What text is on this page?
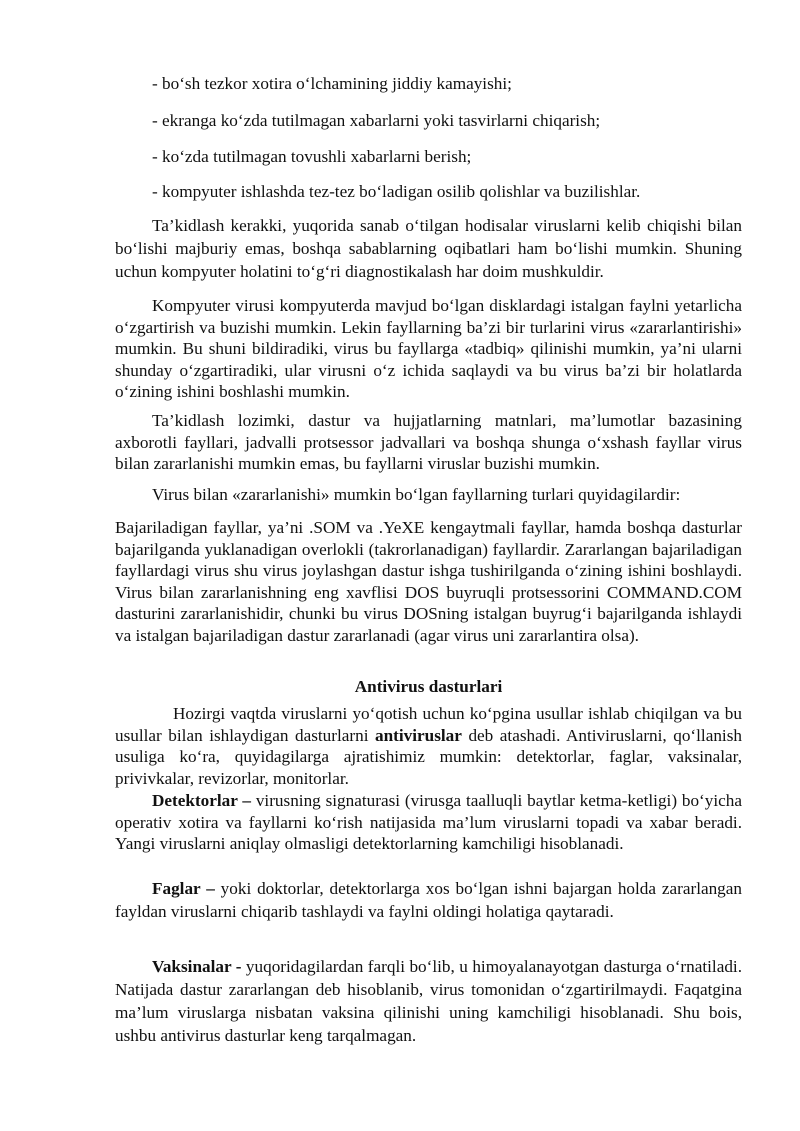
- bo‘sh tezkor xotira o‘lchamining jiddiy kamayishi;
- ekranga ko‘zda tutilmagan xabarlarni yoki tasvirlarni chiqarish;
- ko‘zda tutilmagan tovushli xabarlarni berish;
- kompyuter ishlashda tez-tez bo‘ladigan osilib qolishlar va buzilishlar.

Ta’kidlash kerakki, yuqorida sanab o‘tilgan hodisalar viruslarni kelib chiqishi bilan bo‘lishi majburiy emas, boshqa sabablarning oqibatlari ham bo‘lishi mumkin. Shuning uchun kompyuter holatini to‘g‘ri diagnostikalash har doim mushkuldir.

Kompyuter virusi kompyuterda mavjud bo‘lgan disklardagi istalgan faylni yetarlicha o‘zgartirish va buzishi mumkin. Lekin fayllarning ba’zi bir turlarini virus «zararlantirishi» mumkin. Bu shuni bildiradiki, virus bu fayllarga «tadbiq» qilinishi mumkin, ya’ni ularni shunday o‘zgartiradiki, ular virusni o‘z ichida saqlaydi va bu virus ba’zi bir holatlarda o‘zining ishini boshlashi mumkin.

Ta’kidlash lozimki, dastur va hujjatlarning matnlari, ma’lumotlar bazasining axborotli fayllari, jadvalli protsessor jadvallari va boshqa shunga o‘xshash fayllar virus bilan zararlanishi mumkin emas, bu fayllarni viruslar buzishi mumkin.

Virus bilan «zararlanishi» mumkin bo‘lgan fayllarning turlari quyidagilardir:

Bajariladigan fayllar, ya’ni .SOM va .YeXE kengaytmali fayllar, hamda boshqa dasturlar bajarilganda yuklanadigan overlokli (takrorlanadigan) fayllardir. Zararlangan bajariladigan fayllardagi virus shu virus joylashgan dastur ishga tushirilganda o‘zining ishini boshlaydi. Virus bilan zararlanishning eng xavflisi DOS buyruqli protsessorini COMMAND.COM dasturini zararlanishidir, chunki bu virus DOSning istalgan buyrug‘i bajarilganda ishlaydi va istalgan bajariladigan dastur zararlanadi (agar virus uni zararlantira olsa).

Antivirus dasturlari

Hozirgi vaqtda viruslarni yo‘qotish uchun ko‘pgina usullar ishlab chiqilgan va bu usullar bilan ishlaydigan dasturlarni antiviruslar deb atashadi. Antiviruslarni, qo‘llanish usuliga ko‘ra, quyidagilarga ajratishimiz mumkin: detektorlar, faglar, vaksinalar, privivkalar, revizorlar, monitorlar.

Detektorlar – virusning signaturasi (virusga taalluqli baytlar ketma-ketligi) bo‘yicha operativ xotira va fayllarni ko‘rish natijasida ma’lum viruslarni topadi va xabar beradi. Yangi viruslarni aniqlay olmasligi detektorlarning kamchiligi hisoblanadi.

Faglar – yoki doktorlar, detektorlarga xos bo‘lgan ishni bajargan holda zararlangan fayldan viruslarni chiqarib tashlaydi va faylni oldingi holatiga qaytaradi.

Vaksinalar - yuqoridagilardan farqli bo‘lib, u himoyalanayotgan dasturga o‘rnatiladi. Natijada dastur zararlangan deb hisoblanib, virus tomonidan o‘zgartirilmaydi. Faqatgina ma’lum viruslarga nisbatan vaksina qilinishi uning kamchiligi hisoblanadi. Shu bois, ushbu antivirus dasturlar keng tarqalmagan.
